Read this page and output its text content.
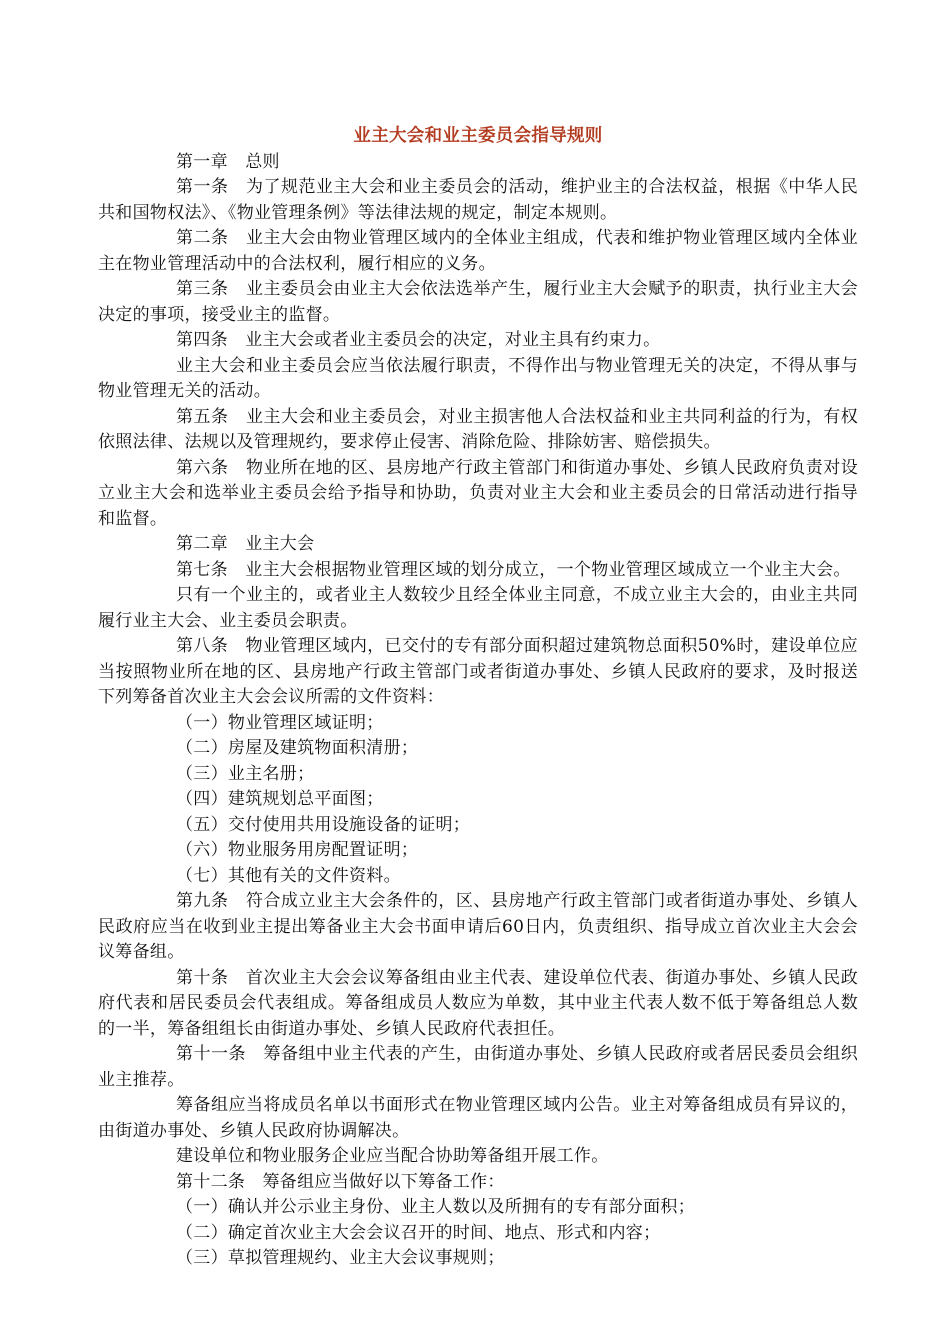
业主大会和业主委员会指导规则

第一章　总则

第一条　为了规范业主大会和业主委员会的活动，维护业主的合法权益，根据《中华人民共和国物权法》、《物业管理条例》等法律法规的规定，制定本规则。

第二条　业主大会由物业管理区域内的全体业主组成，代表和维护物业管理区域内全体业主在物业管理活动中的合法权利，履行相应的义务。

第三条　业主委员会由业主大会依法选举产生，履行业主大会赋予的职责，执行业主大会决定的事项，接受业主的监督。

第四条　业主大会或者业主委员会的决定，对业主具有约束力。

业主大会和业主委员会应当依法履行职责，不得作出与物业管理无关的决定，不得从事与物业管理无关的活动。

第五条　业主大会和业主委员会，对业主损害他人合法权益和业主共同利益的行为，有权依照法律、法规以及管理规约，要求停止侵害、消除危险、排除妨害、赔偿损失。

第六条　物业所在地的区、县房地产行政主管部门和街道办事处、乡镇人民政府负责对设立业主大会和选举业主委员会给予指导和协助，负责对业主大会和业主委员会的日常活动进行指导和监督。

第二章　业主大会

第七条　业主大会根据物业管理区域的划分成立，一个物业管理区域成立一个业主大会。

只有一个业主的，或者业主人数较少且经全体业主同意，不成立业主大会的，由业主共同履行业主大会、业主委员会职责。

第八条　物业管理区域内，已交付的专有部分面积超过建筑物总面积50%时，建设单位应当按照物业所在地的区、县房地产行政主管部门或者街道办事处、乡镇人民政府的要求，及时报送下列筹备首次业主大会会议所需的文件资料：

（一）物业管理区域证明；
（二）房屋及建筑物面积清册；
（三）业主名册；
（四）建筑规划总平面图；
（五）交付使用共用设施设备的证明；
（六）物业服务用房配置证明；
（七）其他有关的文件资料。

第九条　符合成立业主大会条件的，区、县房地产行政主管部门或者街道办事处、乡镇人民政府应当在收到业主提出筹备业主大会书面申请后60日内，负责组织、指导成立首次业主大会会议筹备组。

第十条　首次业主大会会议筹备组由业主代表、建设单位代表、街道办事处、乡镇人民政府代表和居民委员会代表组成。筹备组成员人数应为单数，其中业主代表人数不低于筹备组总人数的一半，筹备组组长由街道办事处、乡镇人民政府代表担任。

第十一条　筹备组中业主代表的产生，由街道办事处、乡镇人民政府或者居民委员会组织业主推荐。

筹备组应当将成员名单以书面形式在物业管理区域内公告。业主对筹备组成员有异议的，由街道办事处、乡镇人民政府协调解决。

建设单位和物业服务企业应当配合协助筹备组开展工作。

第十二条　筹备组应当做好以下筹备工作：

（一）确认并公示业主身份、业主人数以及所拥有的专有部分面积；
（二）确定首次业主大会会议召开的时间、地点、形式和内容；
（三）草拟管理规约、业主大会议事规则；
